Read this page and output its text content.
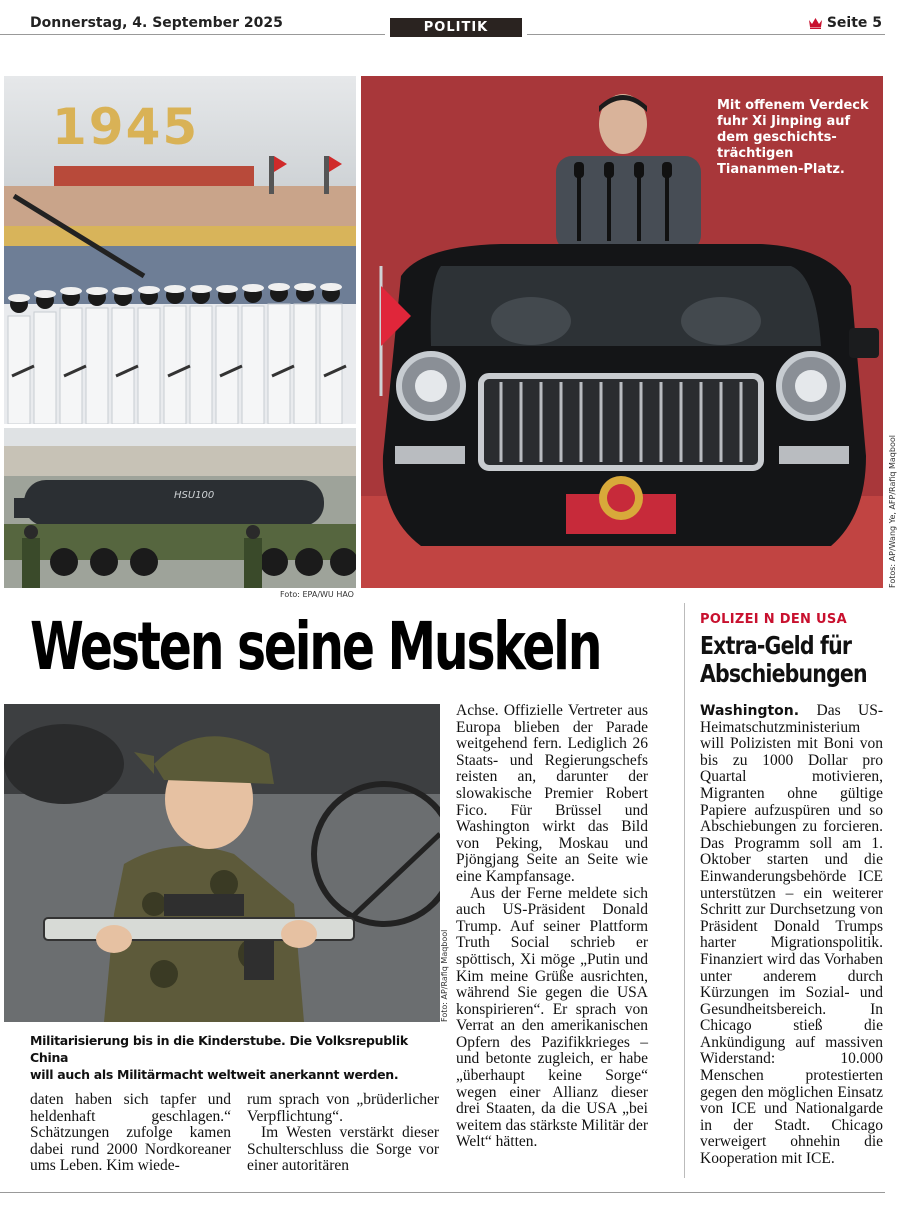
Donnerstag, 4. September 2025	POLITIK	Seite 5
1945
HSU100
Foto: EPA/WU HAO
Mit offenem Verdeck
fuhr Xi Jinping auf
dem geschichts-
trächtigen
Tiananmen-Platz.
Fotos: AP/Wang Ye, AFP/Rafiq Maqbool
Westen seine Muskeln
Foto: AP/Rafiq Maqbool
Militarisierung bis in die Kinderstube. Die Volksrepublik China
will auch als Militärmacht weltweit anerkannt werden.

daten haben sich tapfer und heldenhaft geschlagen.“ Schätzungen zufolge kamen dabei rund 2000 Nordkoreaner ums Leben. Kim wiede-

rum sprach von „brüderlicher Verpflichtung“.

Im Westen verstärkt dieser Schulterschluss die Sorge vor einer autoritären

Achse. Offizielle Vertreter aus Europa blieben der Parade weitgehend fern. Lediglich 26 Staats- und Regierungschefs reisten an, darunter der slowakische Premier Robert Fico. Für Brüssel und Washington wirkt das Bild von Peking, Moskau und Pjöngjang Seite an Seite wie eine Kampfansage.

Aus der Ferne meldete sich auch US-Präsident Donald Trump. Auf seiner Plattform Truth Social schrieb er spöttisch, Xi möge „Putin und Kim meine Grüße ausrichten, während Sie gegen die USA konspirieren“. Er sprach von Verrat an den amerikanischen Opfern des Pazifikkrieges – und betonte zugleich, er habe „überhaupt keine Sorge“ wegen einer Allianz dieser drei Staaten, da die USA „bei weitem das stärkste Militär der Welt“ hätten.

POLIZEI N DEN USA
Extra-Geld für
Abschiebungen

Washington. Das US-Heimatschutzministerium will Polizisten mit Boni von bis zu 1000 Dollar pro Quartal motivieren, Migranten ohne gültige Papiere aufzuspüren und so Abschiebungen zu forcieren. Das Programm soll am 1. Oktober starten und die Einwanderungsbehörde ICE unterstützen – ein weiterer Schritt zur Durchsetzung von Präsident Donald Trumps harter Migrationspolitik. Finanziert wird das Vorhaben unter anderem durch Kürzungen im Sozial- und Gesundheitsbereich. In Chicago stieß die Ankündigung auf massiven Widerstand: 10.000 Menschen protestierten gegen den möglichen Einsatz von ICE und Nationalgarde in der Stadt. Chicago verweigert ohnehin die Kooperation mit ICE.
